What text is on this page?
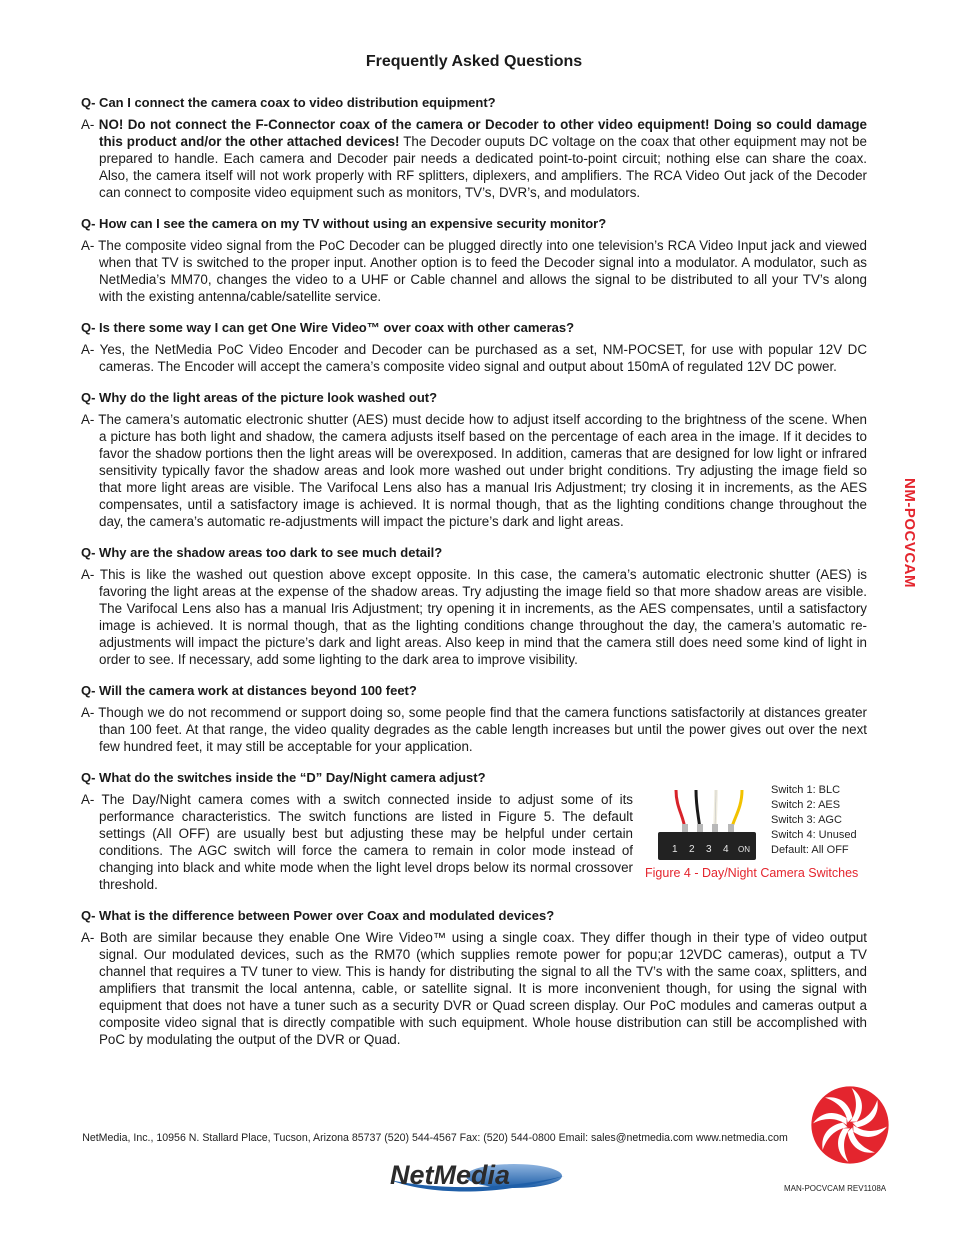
Frequently Asked Questions
NM-POCVCAM

Q- Can I connect the camera coax to video distribution equipment?

A- NO! Do not connect the F-Connector coax of the camera or Decoder to other video equipment! Doing so could damage this product and/or the other attached devices! The Decoder ouputs DC voltage on the coax that other equipment may not be prepared to handle. Each camera and Decoder pair needs a dedicated point-to-point circuit; nothing else can share the coax. Also, the camera itself will not work properly with RF splitters, diplexers, and amplifiers. The RCA Video Out jack of the Decoder can connect to composite video equipment such as monitors, TV’s, DVR’s, and modulators.

Q- How can I see the camera on my TV without using an expensive security monitor?

A- The composite video signal from the PoC Decoder can be plugged directly into one television’s RCA Video Input jack and viewed when that TV is switched to the proper input. Another option is to feed the Decoder signal into a modulator. A modulator, such as NetMedia’s MM70, changes the video to a UHF or Cable channel and allows the signal to be distributed to all your TV’s along with the existing antenna/cable/satellite service.

Q- Is there some way I can get One Wire Video™ over coax with other cameras?

A- Yes, the NetMedia PoC Video Encoder and Decoder can be purchased as a set, NM-POCSET, for use with popular 12V DC cameras. The Encoder will accept the camera’s composite video signal and output about 150mA of regulated 12V DC power.

Q- Why do the light areas of the picture look washed out?

A- The camera’s automatic electronic shutter (AES) must decide how to adjust itself according to the brightness of the scene. When a picture has both light and shadow, the camera adjusts itself based on the percentage of each area in the image. If it decides to favor the shadow portions then the light areas will be overexposed. In addition, cameras that are designed for low light or infrared sensitivity typically favor the shadow areas and look more washed out under bright conditions. Try adjusting the image field so that more light areas are visible. The Varifocal Lens also has a manual Iris Adjustment; try closing it in increments, as the AES compensates, until a satisfactory image is achieved. It is normal though, that as the lighting conditions change throughout the day, the camera’s automatic re-adjustments will impact the picture’s dark and light areas.

Q- Why are the shadow areas too dark to see much detail?

A- This is like the washed out question above except opposite. In this case, the camera’s automatic electronic shutter (AES) is favoring the light areas at the expense of the shadow areas. Try adjusting the image field so that more shadow areas are visible. The Varifocal Lens also has a manual Iris Adjustment; try opening it in increments, as the AES compensates, until a satisfactory image is achieved. It is normal though, that as the lighting conditions change throughout the day, the camera’s automatic re-adjustments will impact the picture’s dark and light areas. Also keep in mind that the camera still does need some kind of light in order to see. If necessary, add some lighting to the dark area to improve visibility.

Q- Will the camera work at distances beyond 100 feet?

A- Though we do not recommend or support doing so, some people find that the camera functions satisfactorily at distances greater than 100 feet. At that range, the video quality degrades as the cable length increases but until the power gives out over the next few hundred feet, it may still be acceptable for your application.

Q- What do the switches inside the “D” Day/Night camera adjust?

A- The Day/Night camera comes with a switch connected inside to adjust some of its performance characteristics. The switch functions are listed in Figure 5. The default settings (All OFF) are usually best but adjusting these may be helpful under certain conditions. The AGC switch will force the camera to remain in color mode instead of changing into black and white mode when the light level drops below its normal crossover threshold.

1 2 3 4 ON
Switch 1: BLC
Switch 2: AES
Switch 3: AGC
Switch 4: Unused
Default: All OFF
Figure 4 - Day/Night Camera Switches

Q- What is the difference between Power over Coax and modulated devices?

A- Both are similar because they enable One Wire Video™ using a single coax. They differ though in their type of video output signal. Our modulated devices, such as the RM70 (which supplies remote power for popu;ar 12VDC cameras), output a TV channel that requires a TV tuner to view. This is handy for distributing the signal to all the TV’s with the same coax, splitters, and amplifiers that transmit the local antenna, cable, or satellite signal. It is more inconvenient though, for using the signal with equipment that does not have a tuner such as a security DVR or Quad screen display. Our PoC modules and cameras output a composite video signal that is directly compatible with such equipment. Whole house distribution can still be accomplished with PoC by modulating the output of the DVR or Quad.

NetMedia, Inc., 10956 N. Stallard Place, Tucson, Arizona 85737 (520) 544-4567 Fax: (520) 544-0800 Email: sales@netmedia.com www.netmedia.com
NetMedia	MAN-POCVCAM REV1108A
